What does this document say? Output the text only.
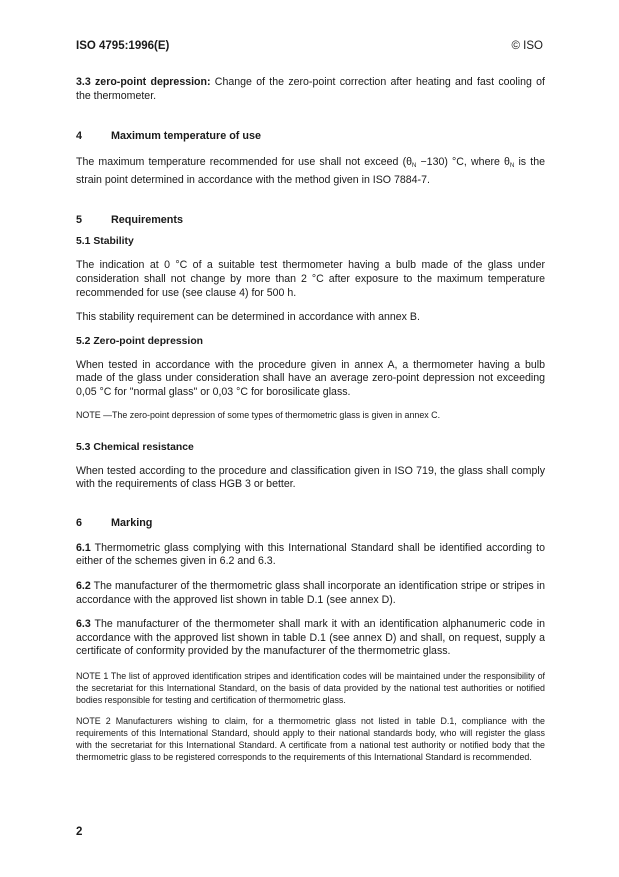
ISO 4795:1996(E)	© ISO

3.3 zero-point depression: Change of the zero-point correction after heating and fast cooling of the thermometer.

4	Maximum temperature of use

The maximum temperature recommended for use shall not exceed (θN −130) °C, where θN is the strain point determined in accordance with the method given in ISO 7884-7.

5	Requirements
5.1 Stability

The indication at 0 °C of a suitable test thermometer having a bulb made of the glass under consideration shall not change by more than 2 °C after exposure to the maximum temperature recommended for use (see clause 4) for 500 h.

This stability requirement can be determined in accordance with annex B.

5.2 Zero-point depression

When tested in accordance with the procedure given in annex A, a thermometer having a bulb made of the glass under consideration shall have an average zero-point depression not exceeding 0,05 °C for "normal glass" or 0,03 °C for borosilicate glass.

NOTE —The zero-point depression of some types of thermometric glass is given in annex C.

5.3 Chemical resistance

When tested according to the procedure and classification given in ISO 719, the glass shall comply with the requirements of class HGB 3 or better.

6	Marking

6.1 Thermometric glass complying with this International Standard shall be identified according to either of the schemes given in 6.2 and 6.3.

6.2 The manufacturer of the thermometric glass shall incorporate an identification stripe or stripes in accordance with the approved list shown in table D.1 (see annex D).

6.3 The manufacturer of the thermometer shall mark it with an identification alphanumeric code in accordance with the approved list shown in table D.1 (see annex D) and shall, on request, supply a certificate of conformity provided by the manufacturer of the thermometric glass.

NOTE 1 The list of approved identification stripes and identification codes will be maintained under the responsibility of the secretariat for this International Standard, on the basis of data provided by the national test authorities or notified bodies responsible for testing and certification of thermometric glass.

NOTE 2 Manufacturers wishing to claim, for a thermometric glass not listed in table D.1, compliance with the requirements of this International Standard, should apply to their national standards body, who will register the glass with the secretariat for this International Standard. A certificate from a national test authority or notified body that the thermometric glass to be registered corresponds to the requirements of this International Standard is recommended.

2
